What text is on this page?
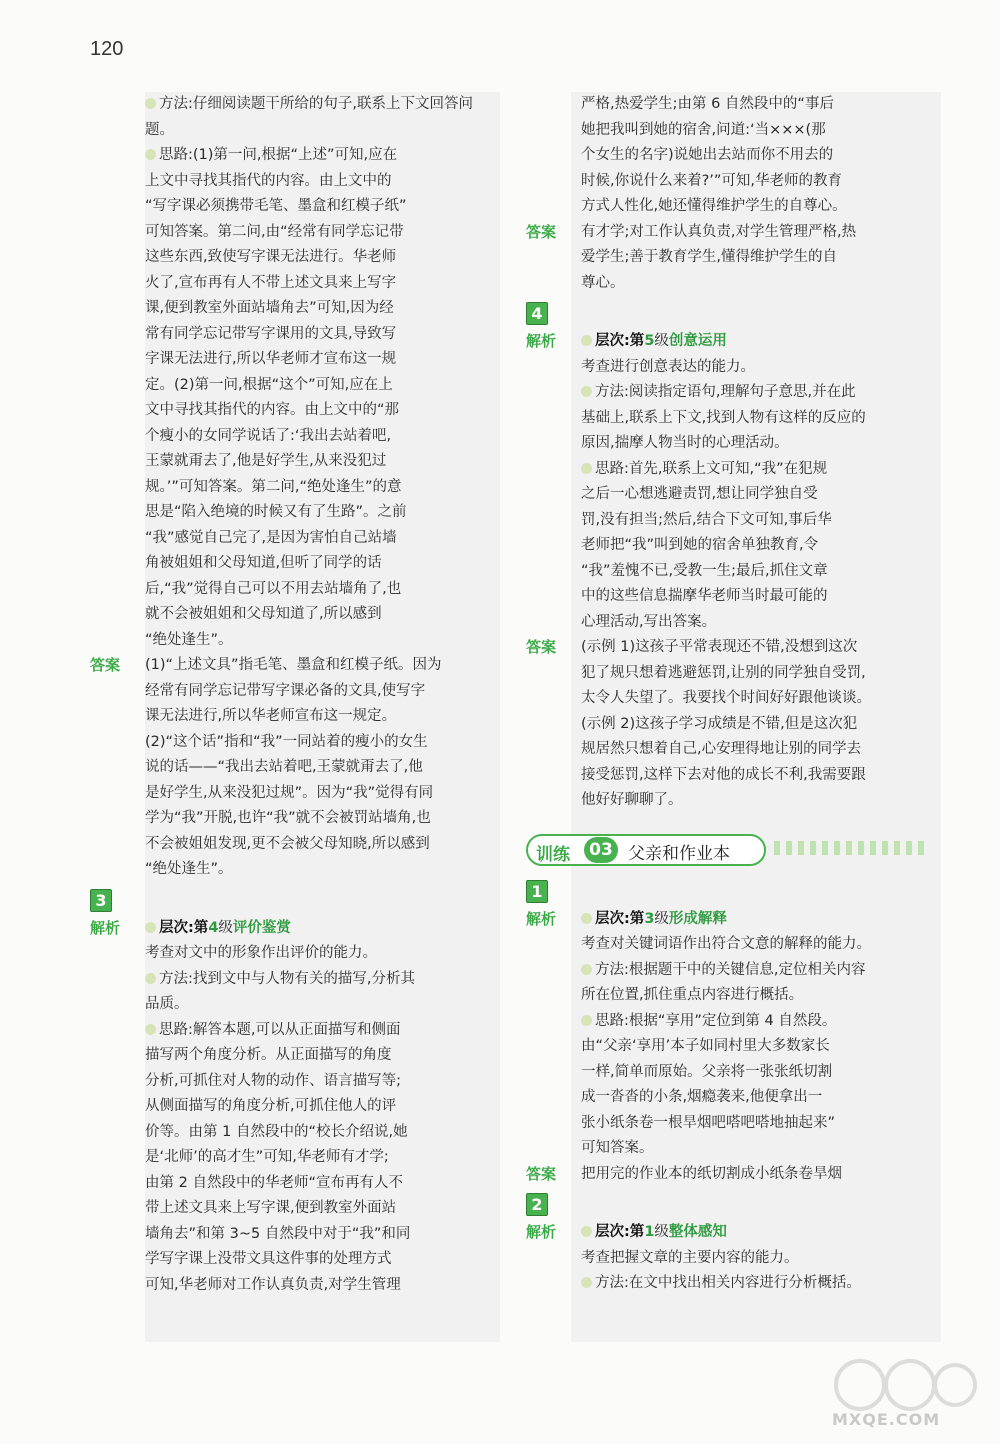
120

方法:仔细阅读题干所给的句子,联系上下文回答问题。

思路:(1)第一问,根据“上述”可知,应在

上文中寻找其指代的内容。由上文中的

“写字课必须携带毛笔、墨盒和红模子纸”

可知答案。第二问,由“经常有同学忘记带

这些东西,致使写字课无法进行。华老师

火了,宣布再有人不带上述文具来上写字

课,便到教室外面站墙角去”可知,因为经

常有同学忘记带写字课用的文具,导致写

字课无法进行,所以华老师才宣布这一规

定。(2)第一问,根据“这个”可知,应在上

文中寻找其指代的内容。由上文中的“那

个瘦小的女同学说话了:‘我出去站着吧,

王蒙就甭去了,他是好学生,从来没犯过

规。’”可知答案。第二问,“绝处逢生”的意

思是“陷入绝境的时候又有了生路”。之前

“我”感觉自己完了,是因为害怕自己站墙

角被姐姐和父母知道,但听了同学的话

后,“我”觉得自己可以不用去站墙角了,也

就不会被姐姐和父母知道了,所以感到

“绝处逢生”。

答案 (1)“上述文具”指毛笔、墨盒和红模子纸。因为

经常有同学忘记带写字课必备的文具,使写字

课无法进行,所以华老师宣布这一规定。

(2)“这个话”指和“我”一同站着的瘦小的女生

说的话——“我出去站着吧,王蒙就甭去了,他

是好学生,从来没犯过规”。因为“我”觉得有同

学为“我”开脱,也许“我”就不会被罚站墙角,也

不会被姐姐发现,更不会被父母知晓,所以感到

“绝处逢生”。

3
解析	层次:第4级评价鉴赏

考查对文中的形象作出评价的能力。

方法:找到文中与人物有关的描写,分析其

品质。

思路:解答本题,可以从正面描写和侧面

描写两个角度分析。从正面描写的角度

分析,可抓住对人物的动作、语言描写等;

从侧面描写的角度分析,可抓住他人的评

价等。由第 1 自然段中的“校长介绍说,她

是‘北师’的高才生”可知,华老师有才学;

由第 2 自然段中的华老师“宣布再有人不

带上述文具来上写字课,便到教室外面站

墙角去”和第 3~5 自然段中对于“我”和同

学写字课上没带文具这件事的处理方式

可知,华老师对工作认真负责,对学生管理

严格,热爱学生;由第 6 自然段中的“事后

她把我叫到她的宿舍,问道:‘当×××(那

个女生的名字)说她出去站而你不用去的

时候,你说什么来着?’”可知,华老师的教育

方式人性化,她还懂得维护学生的自尊心。

答案 有才学;对工作认真负责,对学生管理严格,热

爱学生;善于教育学生,懂得维护学生的自

尊心。

4
解析	层次:第5级创意运用

考查进行创意表达的能力。

方法:阅读指定语句,理解句子意思,并在此

基础上,联系上下文,找到人物有这样的反应的

原因,揣摩人物当时的心理活动。

思路:首先,联系上文可知,“我”在犯规

之后一心想逃避责罚,想让同学独自受

罚,没有担当;然后,结合下文可知,事后华

老师把“我”叫到她的宿舍单独教育,令

“我”羞愧不已,受教一生;最后,抓住文章

中的这些信息揣摩华老师当时最可能的

心理活动,写出答案。

答案 (示例 1)这孩子平常表现还不错,没想到这次

犯了规只想着逃避惩罚,让别的同学独自受罚,

太令人失望了。我要找个时间好好跟他谈谈。

(示例 2)这孩子学习成绩是不错,但是这次犯

规居然只想着自己,心安理得地让别的同学去

接受惩罚,这样下去对他的成长不利,我需要跟

他好好聊聊了。

训练	03 父亲和作业本
1
解析	层次:第3级形成解释

考查对关键词语作出符合文意的解释的能力。

方法:根据题干中的关键信息,定位相关内容

所在位置,抓住重点内容进行概括。

思路:根据“享用”定位到第 4 自然段。

由“父亲‘享用’本子如同村里大多数家长

一样,简单而原始。父亲将一张张纸切割

成一沓沓的小条,烟瘾袭来,他便拿出一

张小纸条卷一根旱烟吧嗒吧嗒地抽起来”

可知答案。

答案 把用完的作业本的纸切割成小纸条卷旱烟

2
解析	层次:第1级整体感知

考查把握文章的主要内容的能力。

方法:在文中找出相关内容进行分析概括。

MXQE.COM
